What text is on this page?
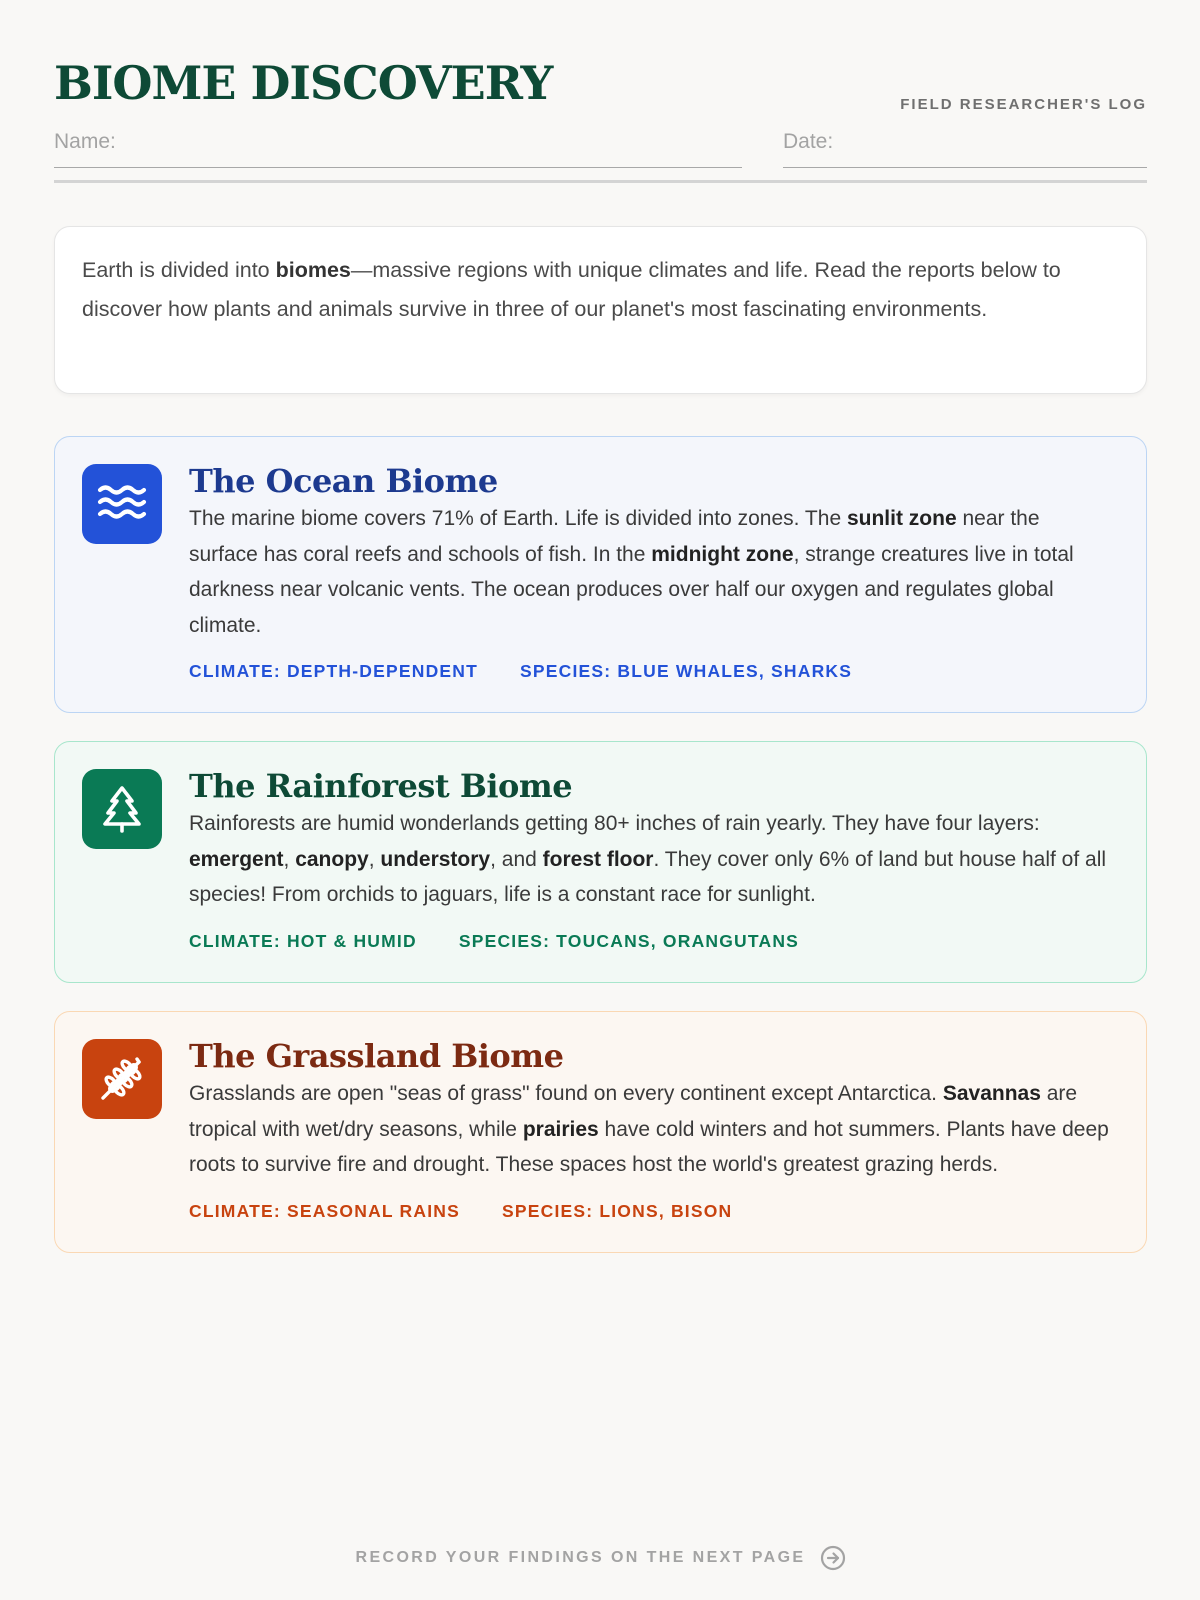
BIOME DISCOVERY	FIELD RESEARCHER'S LOG
Name:	Date:
Earth is divided into biomes—massive regions with unique climates and life. Read the reports below to discover how plants and animals survive in three of our planet's most fascinating environments.
The Ocean Biome

The marine biome covers 71% of Earth. Life is divided into zones. The sunlit zone near the surface has coral reefs and schools of fish. In the midnight zone, strange creatures live in total darkness near volcanic vents. The ocean produces over half our oxygen and regulates global climate.

CLIMATE: DEPTH-DEPENDENT SPECIES: BLUE WHALES, SHARKS
The Rainforest Biome

Rainforests are humid wonderlands getting 80+ inches of rain yearly. They have four layers: emergent, canopy, understory, and forest floor. They cover only 6% of land but house half of all species! From orchids to jaguars, life is a constant race for sunlight.

CLIMATE: HOT & HUMID SPECIES: TOUCANS, ORANGUTANS
The Grassland Biome

Grasslands are open "seas of grass" found on every continent except Antarctica. Savannas are tropical with wet/dry seasons, while prairies have cold winters and hot summers. Plants have deep roots to survive fire and drought. These spaces host the world's greatest grazing herds.

CLIMATE: SEASONAL RAINS SPECIES: LIONS, BISON
RECORD YOUR FINDINGS ON THE NEXT PAGE
